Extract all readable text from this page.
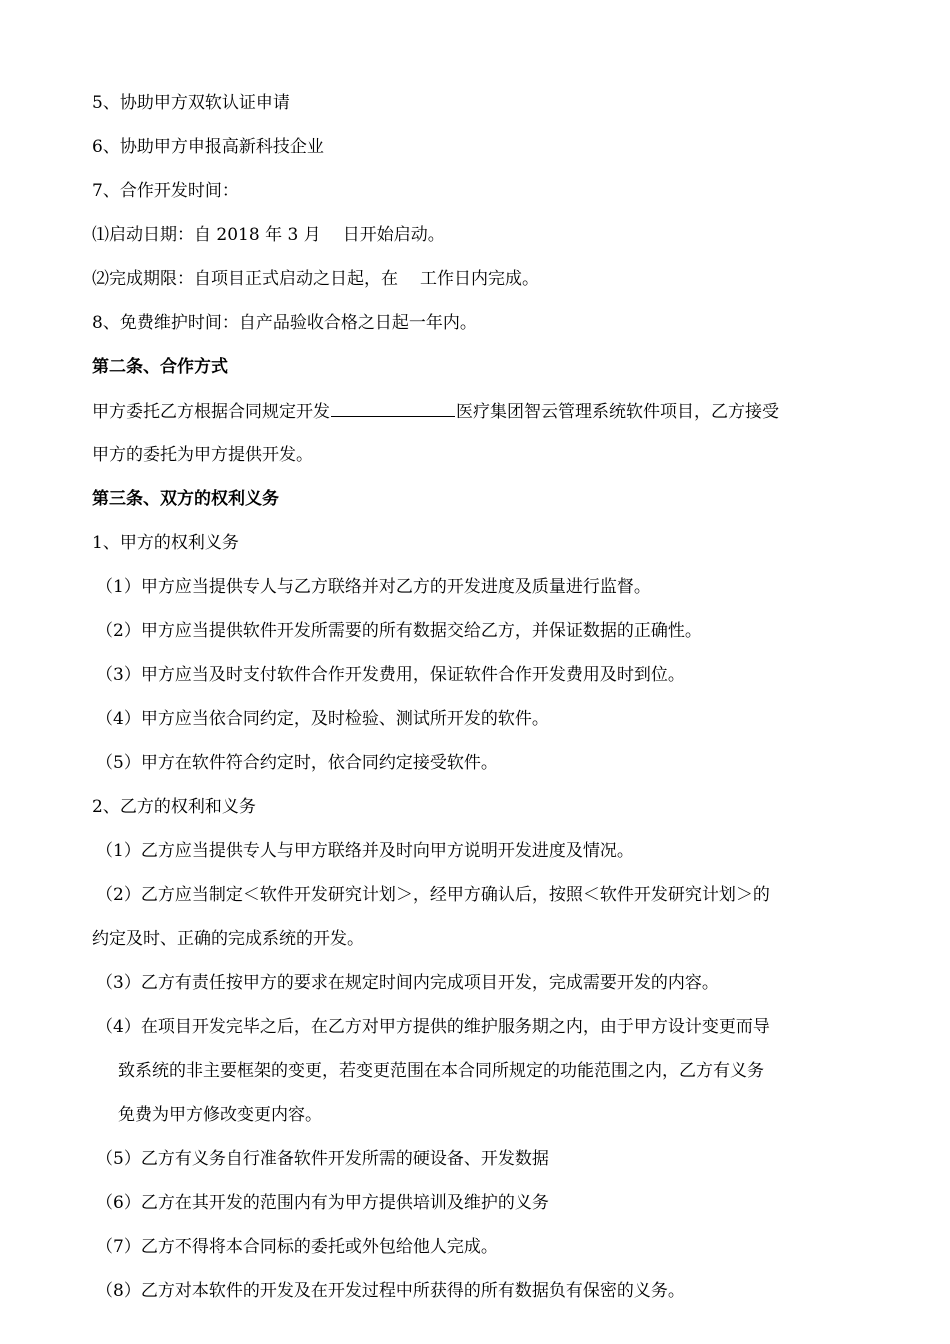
5、协助甲方双软认证申请
6、协助甲方申报高新科技企业
7、合作开发时间：
⑴启动日期：自 2018 年 3 月 日开始启动。
⑵完成期限：自项目正式启动之日起，在 工作日内完成。
8、免费维护时间：自产品验收合格之日起一年内。
第二条、合作方式
甲方委托乙方根据合同规定开发	医疗集团智云管理系统软件项目，乙方接受
甲方的委托为甲方提供开发。
第三条、双方的权利义务
1、甲方的权利义务
（1）甲方应当提供专人与乙方联络并对乙方的开发进度及质量进行监督。
（2）甲方应当提供软件开发所需要的所有数据交给乙方，并保证数据的正确性。
（3）甲方应当及时支付软件合作开发费用，保证软件合作开发费用及时到位。
（4）甲方应当依合同约定，及时检验、测试所开发的软件。
（5）甲方在软件符合约定时，依合同约定接受软件。
2、乙方的权利和义务
（1）乙方应当提供专人与甲方联络并及时向甲方说明开发进度及情况。
（2）乙方应当制定＜软件开发研究计划＞，经甲方确认后，按照＜软件开发研究计划＞的
约定及时、正确的完成系统的开发。
（3）乙方有责任按甲方的要求在规定时间内完成项目开发，完成需要开发的内容。
（4）在项目开发完毕之后，在乙方对甲方提供的维护服务期之内，由于甲方设计变更而导
致系统的非主要框架的变更，若变更范围在本合同所规定的功能范围之内，乙方有义务
免费为甲方修改变更内容。
（5）乙方有义务自行准备软件开发所需的硬设备、开发数据
（6）乙方在其开发的范围内有为甲方提供培训及维护的义务
（7）乙方不得将本合同标的委托或外包给他人完成。
（8）乙方对本软件的开发及在开发过程中所获得的所有数据负有保密的义务。
